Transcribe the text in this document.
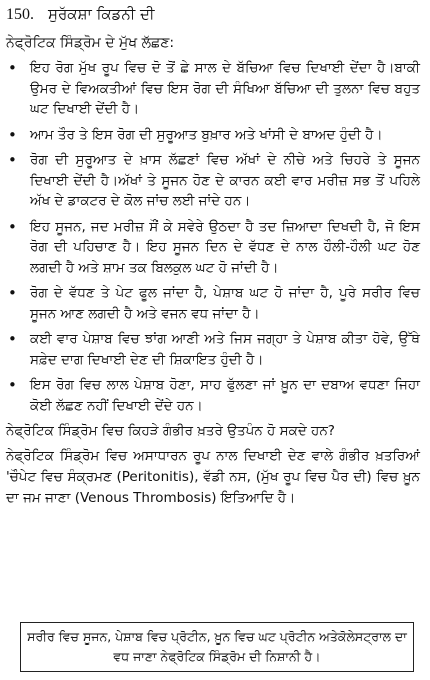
150. ਸੁਰੱਕਸ਼ਾ ਕਿਡਨੀ ਦੀ
ਨੇਫ੍ਰੋਟਿਕ ਸਿੰਡ੍ਰੋਮ ਦੇ ਮੁੱਖ ਲੱਛਣ:
• ਇਹ ਰੋਗ ਮੁੱਖ ਰੂਪ ਵਿਚ ਦੋ ਤੋਂ ਛੇ ਸਾਲ ਦੇ ਬੱਚਿਆ ਵਿਚ ਦਿਖਾਈ ਦੇਂਦਾ ਹੈ।ਬਾਕੀ ਉਮਰ ਦੇ ਵਿਅਕਤੀਆਂ ਵਿਚ ਇਸ ਰੋਗ ਦੀ ਸੰਖਿਆ ਬੱਚਿਆ ਦੀ ਤੁਲਨਾ ਵਿਚ ਬਹੁਤ ਘਟ ਦਿਖਾਈ ਦੇਂਦੀ ਹੈ।
• ਆਮ ਤੌਰ ਤੇ ਇਸ ਰੋਗ ਦੀ ਸੁਰੂਆਤ ਬੁਖ਼ਾਰ ਅਤੇ ਖਾਂਸੀ ਦੇ ਬਾਅਦ ਹੁੰਦੀ ਹੈ।
• ਰੋਗ ਦੀ ਸੁਰੂਆਤ ਦੇ ਖ਼ਾਸ ਲੱਛਣਾਂ ਵਿਚ ਅੱਖਾਂ ਦੇ ਨੀਚੇ ਅਤੇ ਚਿਹਰੇ ਤੇ ਸੂਜਨ ਦਿਖਾਈ ਦੇਂਦੀ ਹੈ।ਅੱਖਾਂ ਤੇ ਸੂਜਨ ਹੋਣ ਦੇ ਕਾਰਨ ਕਈ ਵਾਰ ਮਰੀਜ਼ ਸਭ ਤੋਂ ਪਹਿਲੇ ਅੱਖ ਦੇ ਡਾਕਟਰ ਦੇ ਕੋਲ ਜਾਂਚ ਲਈ ਜਾਂਦੇ ਹਨ।
• ਇਹ ਸੂਜਨ, ਜਦ ਮਰੀਜ਼ ਸੌਂ ਕੇ ਸਵੇਰੇ ਉਠਦਾ ਹੈ ਤਦ ਜ਼ਿਆਦਾ ਦਿਖਦੀ ਹੈ, ਜੋ ਇਸ ਰੋਗ ਦੀ ਪਹਿਚਾਣ ਹੈ। ਇਹ ਸੂਜਨ ਦਿਨ ਦੇ ਵੱਧਣ ਦੇ ਨਾਲ ਹੌਲੀ-ਹੌਲੀ ਘਟ ਹੋਣ ਲਗਦੀ ਹੈ ਅਤੇ ਸ਼ਾਮ ਤਕ ਬਿਲਕੁਲ ਘਟ ਹੋ ਜਾਂਦੀ ਹੈ।
• ਰੋਗ ਦੇ ਵੱਧਣ ਤੇ ਪੇਟ ਫੂਲ ਜਾਂਦਾ ਹੈ, ਪੇਸ਼ਾਬ ਘਟ ਹੋ ਜਾਂਦਾ ਹੈ, ਪੂਰੇ ਸਰੀਰ ਵਿਚ ਸੂਜਨ ਆਣ ਲਗਦੀ ਹੈ ਅਤੇ ਵਜਨ ਵਧ ਜਾਂਦਾ ਹੈ।
• ਕਈ ਵਾਰ ਪੇਸ਼ਾਬ ਵਿਚ ਝਾਂਗ ਆਣੀ ਅਤੇ ਜਿਸ ਜਗ੍ਹਾ ਤੇ ਪੇਸ਼ਾਬ ਕੀਤਾ ਹੋਵੇ, ਉੱਥੇ ਸਫ਼ੇਦ ਦਾਗ ਦਿਖਾਈ ਦੇਣ ਦੀ ਸ਼ਿਕਾਇਤ ਹੁੰਦੀ ਹੈ।
• ਇਸ ਰੋਗ ਵਿਚ ਲਾਲ ਪੇਸ਼ਾਬ ਹੋਣਾ, ਸਾਹ ਫੁੱਲਣਾ ਜਾਂ ਖ਼ੂਨ ਦਾ ਦਬਾਅ ਵਧਣਾ ਜਿਹਾ ਕੋਈ ਲੱਛਣ ਨਹੀਂ ਦਿਖਾਈ ਦੇਂਦੇ ਹਨ।
ਨੇਫ੍ਰੋਟਿਕ ਸਿੰਡ੍ਰੋਮ ਵਿਚ ਕਿਹੜੇ ਗੰਭੀਰ ਖ਼ਤਰੇ ਉਤਪੰਨ ਹੋ ਸਕਦੇ ਹਨ?
ਨੇਫ੍ਰੋਟਿਕ ਸਿੰਡ੍ਰੋਮ ਵਿਚ ਅਸਾਧਾਰਨ ਰੂਪ ਨਾਲ ਦਿਖਾਈ ਦੇਣ ਵਾਲੇ ਗੰਭੀਰ ਖ਼ਤਰਿਆਂ 'ਚੌਪੇਟ ਵਿਚ ਸੰਕ੍ਰਮਣ (Peritonitis), ਵੱਡੀ ਨਸ, (ਮੁੱਖ ਰੂਪ ਵਿਚ ਪੈਰ ਦੀ) ਵਿਚ ਖ਼ੂਨ ਦਾ ਜਮ ਜਾਣਾ (Venous Thrombosis) ਇਤਿਆਦਿ ਹੈ।
ਸਰੀਰ ਵਿਚ ਸੂਜਨ, ਪੇਸ਼ਾਬ ਵਿਚ ਪ੍ਰੋਟੀਨ, ਖ਼ੂਨ ਵਿਚ ਘਟ ਪ੍ਰੋਟੀਨ ਅਤੇਕੋਲੇਸਟ੍ਰਾਲ ਦਾ ਵਧ ਜਾਣਾ ਨੇਫ੍ਰੋਟਿਕ ਸਿੰਡ੍ਰੋਮ ਦੀ ਨਿਸ਼ਾਨੀ ਹੈ।
